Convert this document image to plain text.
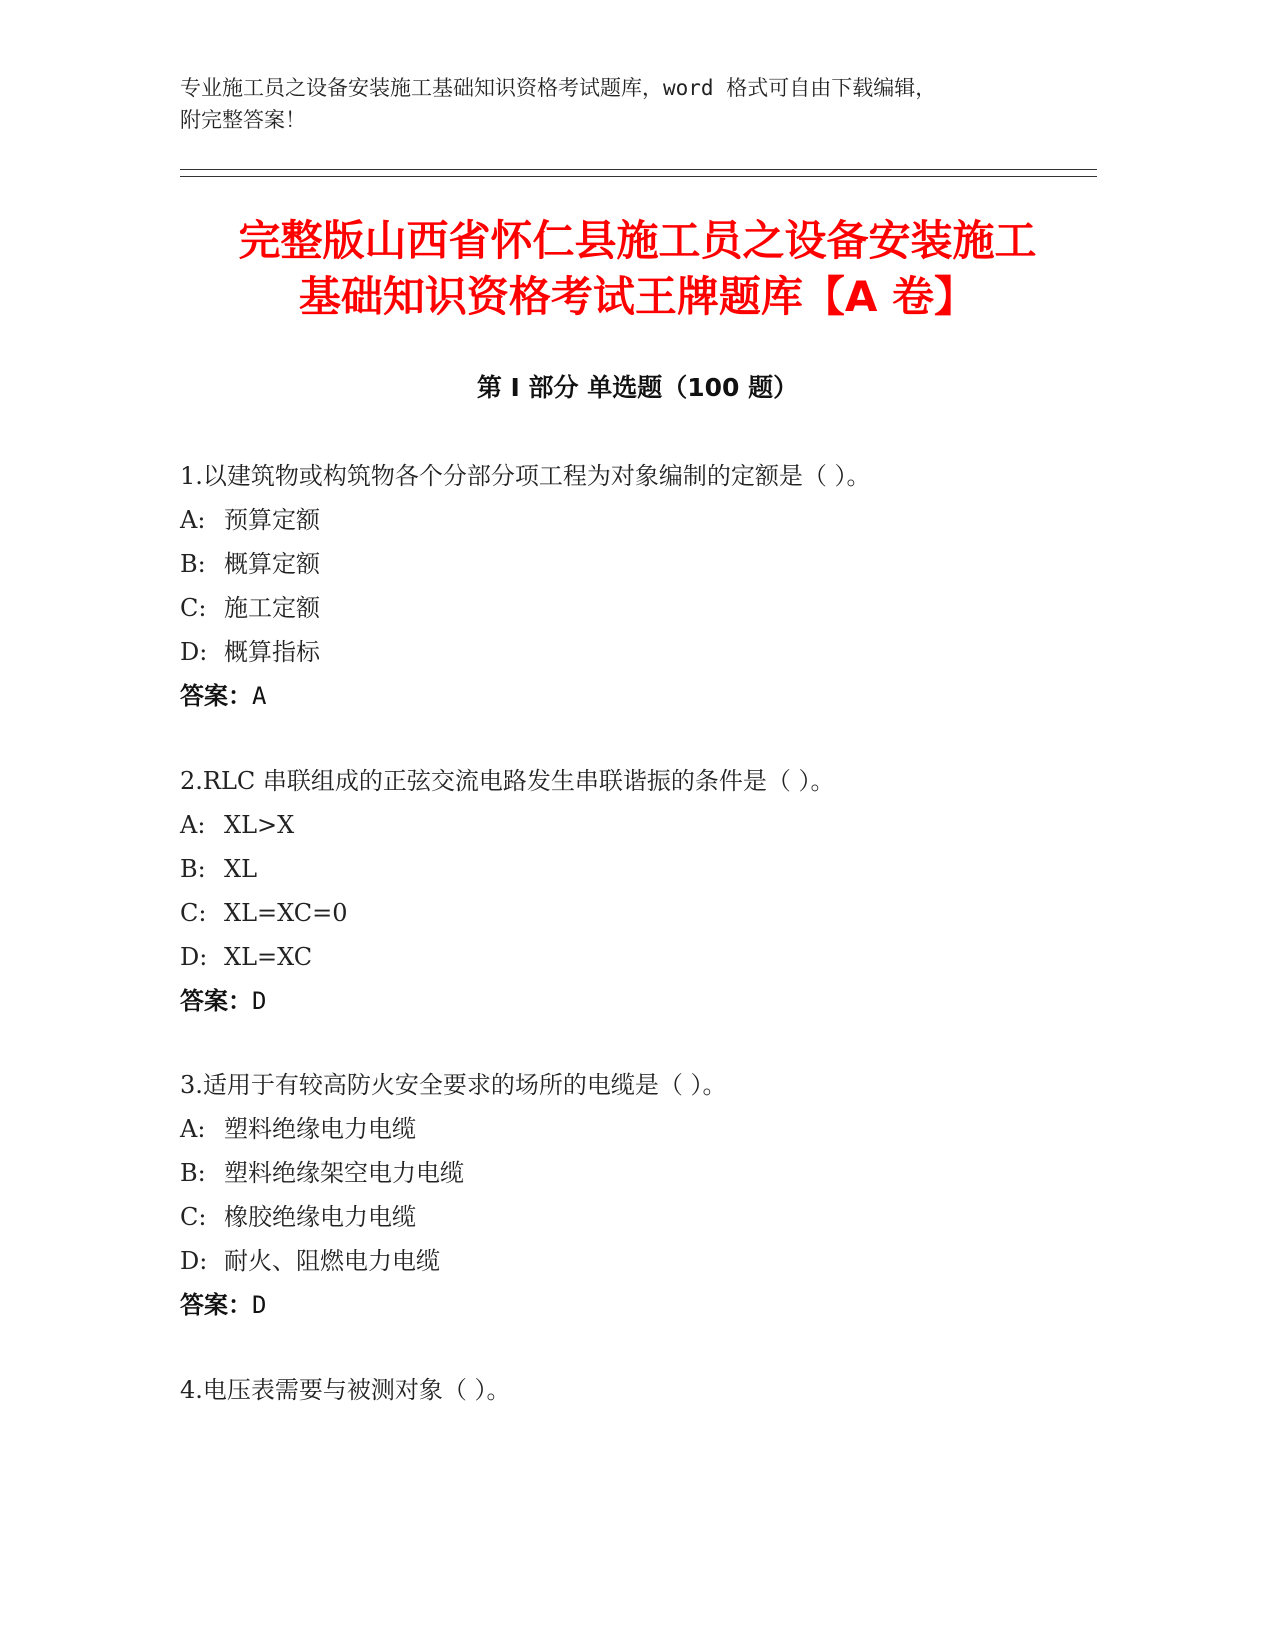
专业施工员之设备安装施工基础知识资格考试题库，word 格式可自由下载编辑，
附完整答案！
完整版山西省怀仁县施工员之设备安装施工
基础知识资格考试王牌题库【A 卷】
第 I 部分 单选题（100 题）
1.以建筑物或构筑物各个分部分项工程为对象编制的定额是（ ）。
A: 预算定额
B: 概算定额
C: 施工定额
D: 概算指标
答案：A
2.RLC 串联组成的正弦交流电路发生串联谐振的条件是（ ）。
A: XL>X
B: XL
C: XL=XC=0
D: XL=XC
答案：D
3.适用于有较高防火安全要求的场所的电缆是（ ）。
A: 塑料绝缘电力电缆
B: 塑料绝缘架空电力电缆
C: 橡胶绝缘电力电缆
D: 耐火、阻燃电力电缆
答案：D
4.电压表需要与被测对象（ ）。
